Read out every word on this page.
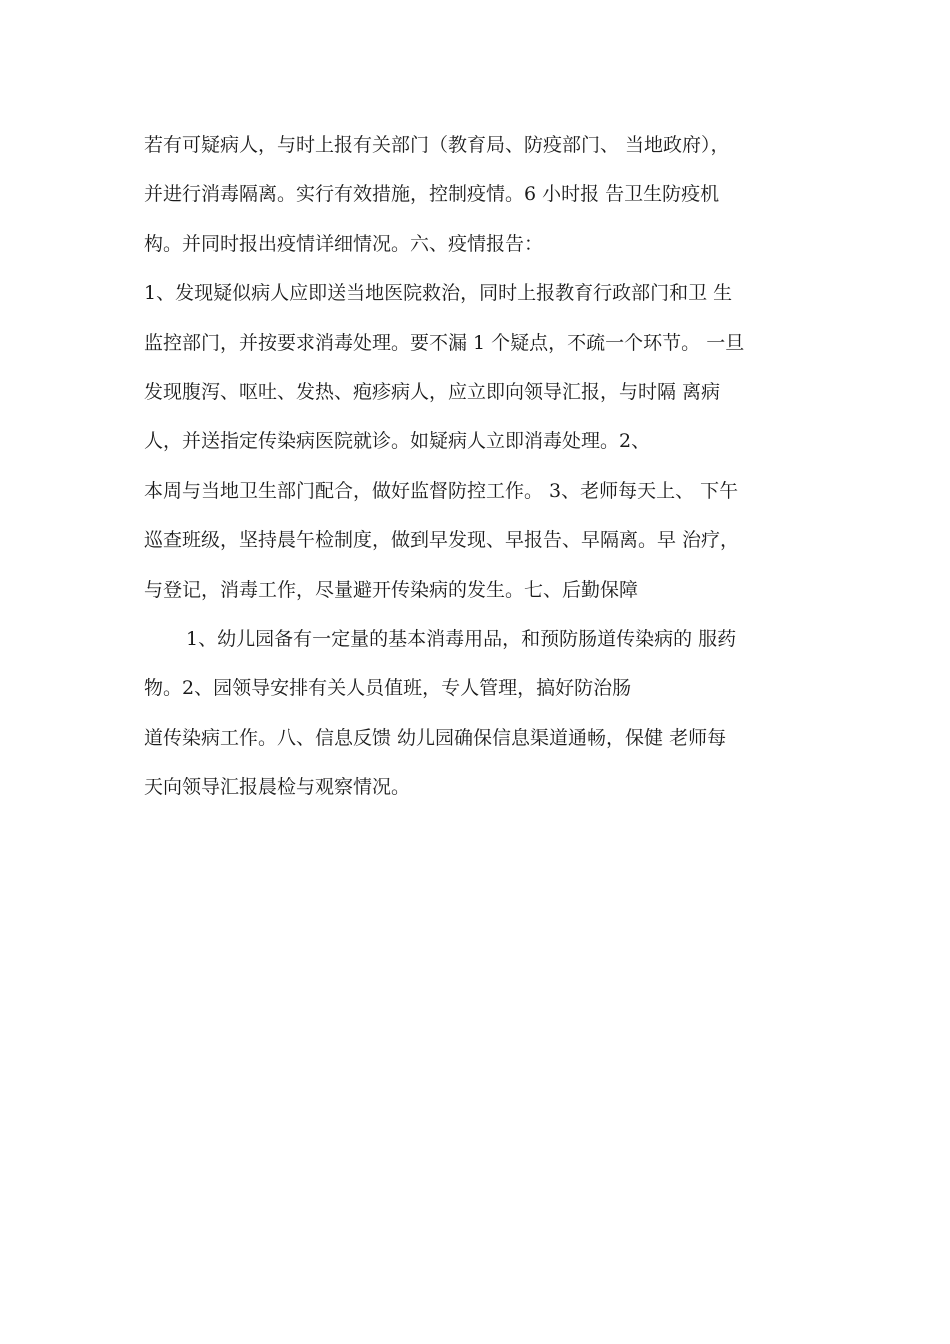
若有可疑病人，与时上报有关部门（教育局、防疫部门、 当地政府），
并进行消毒隔离。实行有效措施，控制疫情。6 小时报 告卫生防疫机
构。并同时报出疫情详细情况。六、疫情报告：
1、发现疑似病人应即送当地医院救治，同时上报教育行政部门和卫 生
监控部门，并按要求消毒处理。要不漏 1 个疑点，不疏一个环节。 一旦
发现腹泻、呕吐、发热、疱疹病人，应立即向领导汇报，与时隔 离病
人，并送指定传染病医院就诊。如疑病人立即消毒处理。2、
本周与当地卫生部门配合，做好监督防控工作。 3、老师每天上、 下午
巡查班级，坚持晨午检制度，做到早发现、早报告、早隔离。早 治疗，
与登记，消毒工作，尽量避开传染病的发生。七、后勤保障
1、幼儿园备有一定量的基本消毒用品，和预防肠道传染病的 服药
物。2、园领导安排有关人员值班，专人管理，搞好防治肠
道传染病工作。八、信息反馈 幼儿园确保信息渠道通畅，保健 老师每
天向领导汇报晨检与观察情况。
